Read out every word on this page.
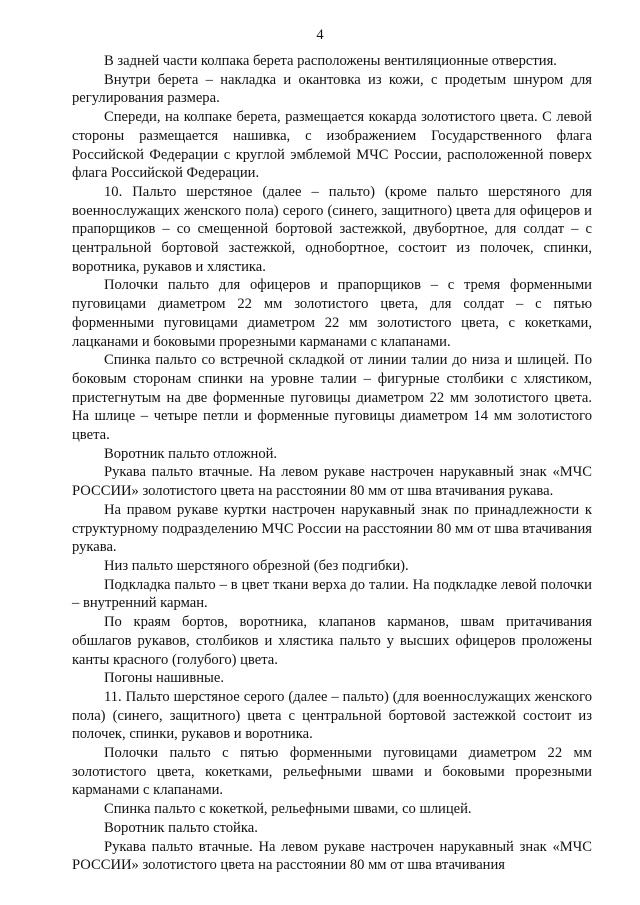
4

В задней части колпака берета расположены вентиляционные отверстия.

Внутри берета – накладка и окантовка из кожи, с продетым шнуром для регулирования размера.

Спереди, на колпаке берета, размещается кокарда золотистого цвета. С левой стороны размещается нашивка, с изображением Государственного флага Российской Федерации с круглой эмблемой МЧС России, расположенной поверх флага Российской Федерации.

10. Пальто шерстяное (далее – пальто) (кроме пальто шерстяного для военнослужащих женского пола) серого (синего, защитного) цвета для офицеров и прапорщиков – со смещенной бортовой застежкой, двубортное, для солдат – с центральной бортовой застежкой, однобортное, состоит из полочек, спинки, воротника, рукавов и хлястика.

Полочки пальто для офицеров и прапорщиков – с тремя форменными пуговицами диаметром 22 мм золотистого цвета, для солдат – с пятью форменными пуговицами диаметром 22 мм золотистого цвета, с кокетками, лацканами и боковыми прорезными карманами с клапанами.

Спинка пальто со встречной складкой от линии талии до низа и шлицей. По боковым сторонам спинки на уровне талии – фигурные столбики с хлястиком, пристегнутым на две форменные пуговицы диаметром 22 мм золотистого цвета. На шлице – четыре петли и форменные пуговицы диаметром 14 мм золотистого цвета.

Воротник пальто отложной.

Рукава пальто втачные. На левом рукаве настрочен нарукавный знак «МЧС РОССИИ» золотистого цвета на расстоянии 80 мм от шва втачивания рукава.

На правом рукаве куртки настрочен нарукавный знак по принадлежности к структурному подразделению МЧС России на расстоянии 80 мм от шва втачивания рукава.

Низ пальто шерстяного обрезной (без подгибки).

Подкладка пальто – в цвет ткани верха до талии. На подкладке левой полочки – внутренний карман.

По краям бортов, воротника, клапанов карманов, швам притачивания обшлагов рукавов, столбиков и хлястика пальто у высших офицеров проложены канты красного (голубого) цвета.

Погоны нашивные.

11. Пальто шерстяное серого (далее – пальто) (для военнослужащих женского пола) (синего, защитного) цвета с центральной бортовой застежкой состоит из полочек, спинки, рукавов и воротника.

Полочки пальто с пятью форменными пуговицами диаметром 22 мм золотистого цвета, кокетками, рельефными швами и боковыми прорезными карманами с клапанами.

Спинка пальто с кокеткой, рельефными швами, со шлицей.

Воротник пальто стойка.

Рукава пальто втачные. На левом рукаве настрочен нарукавный знак «МЧС РОССИИ» золотистого цвета на расстоянии 80 мм от шва втачивания
